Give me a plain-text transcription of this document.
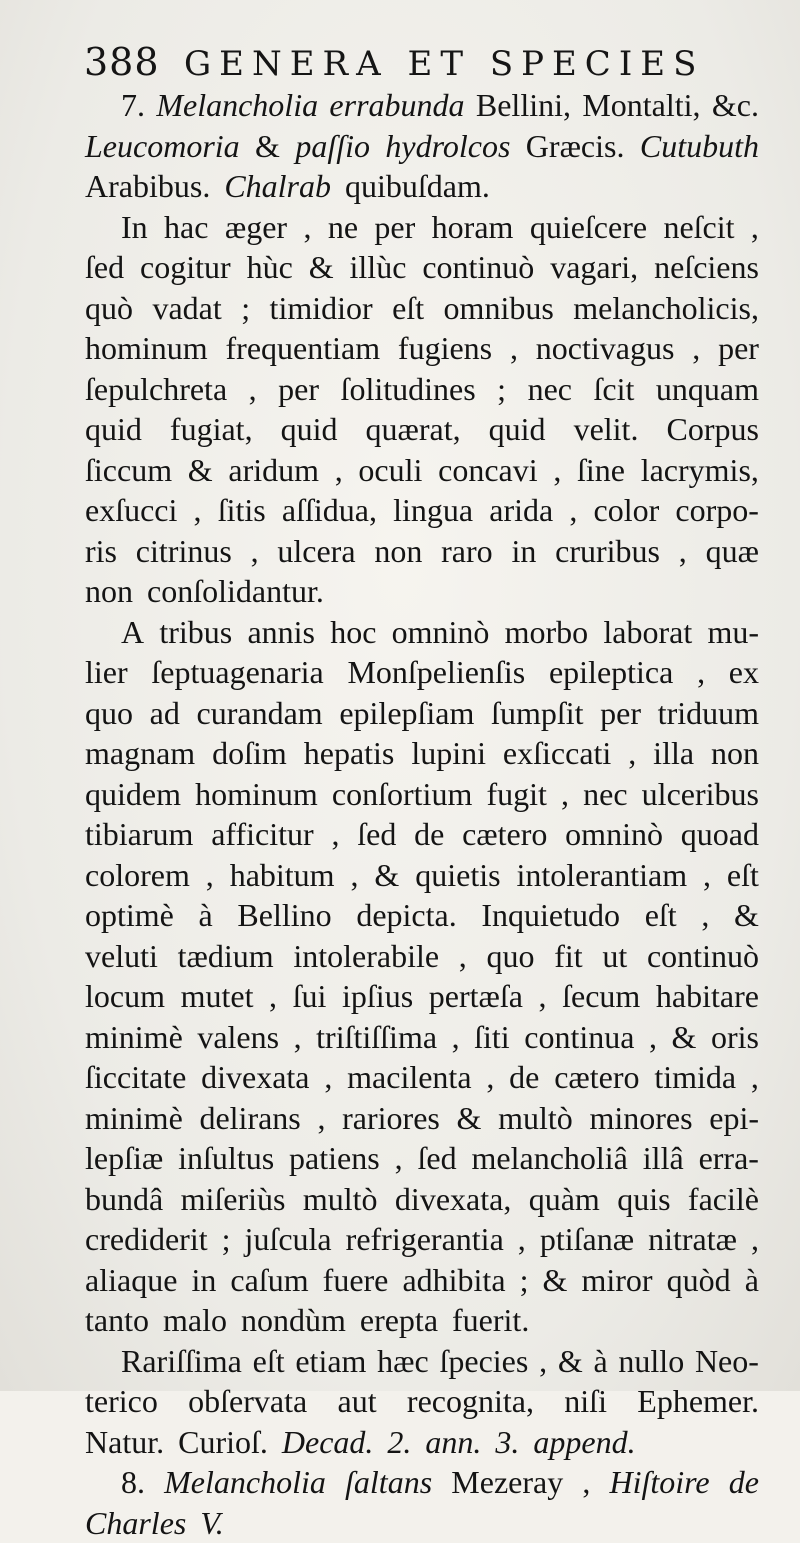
388 GENERA ET SPECIES
7. Melancholia errabunda Bellini, Montalti, &c.
Leucomoria & paſſio hydrolcos Græcis. Cutubuth
Arabibus. Chalrab quibuſdam.
In hac æger , ne per horam quieſcere neſcit ,
ſed cogitur hùc & illùc continuò vagari, neſciens
quò vadat ; timidior eſt omnibus melancholicis,
hominum frequentiam fugiens , noctivagus , per
ſepulchreta , per ſolitudines ; nec ſcit unquam
quid fugiat, quid quærat, quid velit. Corpus
ſiccum & aridum , oculi concavi , ſine lacrymis,
exſucci , ſitis aſſidua, lingua arida , color corpo-
ris citrinus , ulcera non raro in cruribus , quæ
non conſolidantur.
A tribus annis hoc omninò morbo laborat mu-
lier ſeptuagenaria Monſpelienſis epileptica , ex
quo ad curandam epilepſiam ſumpſit per triduum
magnam doſim hepatis lupini exſiccati , illa non
quidem hominum conſortium fugit , nec ulceribus
tibiarum afficitur , ſed de cætero omninò quoad
colorem , habitum , & quietis intolerantiam , eſt
optimè à Bellino depicta. Inquietudo eſt , &
veluti tædium intolerabile , quo fit ut continuò
locum mutet , ſui ipſius pertæſa , ſecum habitare
minimè valens , triſtiſſima , ſiti continua , & oris
ſiccitate divexata , macilenta , de cætero timida ,
minimè delirans , rariores & multò minores epi-
lepſiæ inſultus patiens , ſed melancholiâ illâ erra-
bundâ miſeriùs multò divexata, quàm quis facilè
crediderit ; juſcula refrigerantia , ptiſanæ nitratæ ,
aliaque in caſum fuere adhibita ; & miror quòd à
tanto malo nondùm erepta fuerit.
Rariſſima eſt etiam hæc ſpecies , & à nullo Neo-
terico obſervata aut recognita, niſi Ephemer.
Natur. Curioſ. Decad. 2. ann. 3. append.
8. Melancholia ſaltans Mezeray , Hiſtoire de
Charles V.
